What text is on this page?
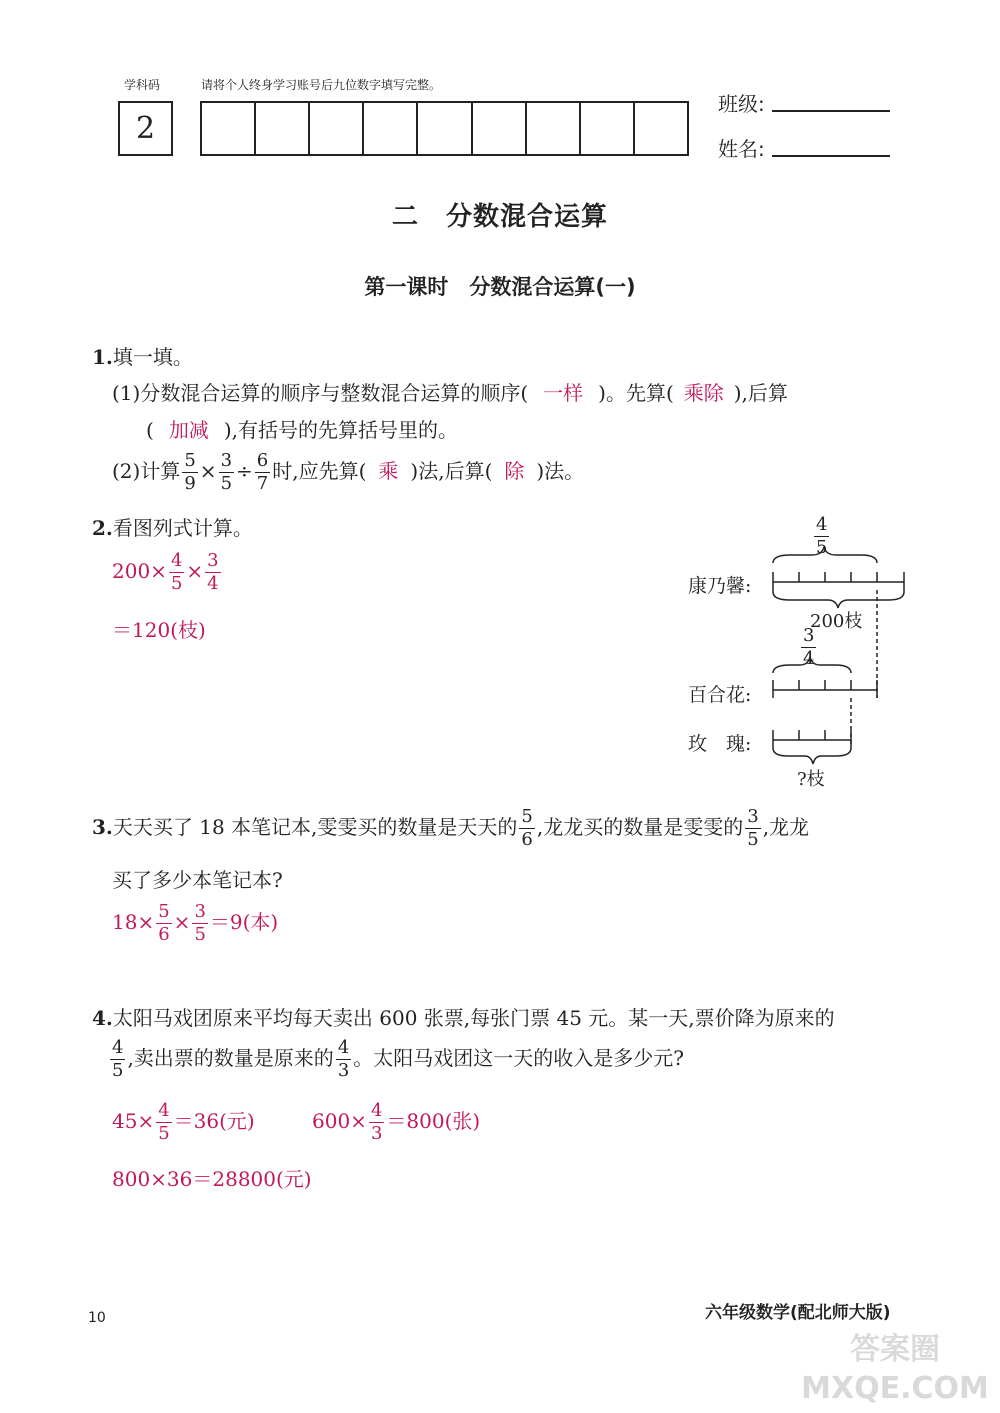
学科码
2
请将个人终身学习账号后九位数字填写完整。
班级:
姓名:
二　分数混合运算
第一课时　分数混合运算(一)
1.填一填。
(1)分数混合运算的顺序与整数混合运算的顺序( 一样 )。先算( 乘除 ),后算
( 加减 ),有括号的先算括号里的。
(2)计算 $\frac{5}{9} \times \frac{3}{5} \div \frac{6}{7}$ 时,应先算( 乘 )法,后算( 除 )法。
2.看图列式计算。
$200\times \frac{4}{5} \times \frac{3}{4}$
＝120(枝)
$\frac{4}{5}$
康乃馨:
200枝
$\frac{3}{4}$
百合花:
玫　瑰:
?枝
3.天天买了 18 本笔记本,雯雯买的数量是天天的 $\frac{5}{6}$ ,龙龙买的数量是雯雯的 $\frac{3}{5}$ ,龙龙
买了多少本笔记本?
$18\times \frac{5}{6} \times \frac{3}{5} =9$(本)
4.太阳马戏团原来平均每天卖出 600 张票,每张门票 45 元。某一天,票价降为原来的
$\frac{4}{5}$ ,卖出票的数量是原来的 $\frac{4}{3}$ 。太阳马戏团这一天的收入是多少元?
$45\times \frac{4}{5} =36$(元)	$600\times \frac{4}{3} =800$(张)
800×36＝28800(元)
10	六年级数学(配北师大版)
答案圈 MXQE.COM
